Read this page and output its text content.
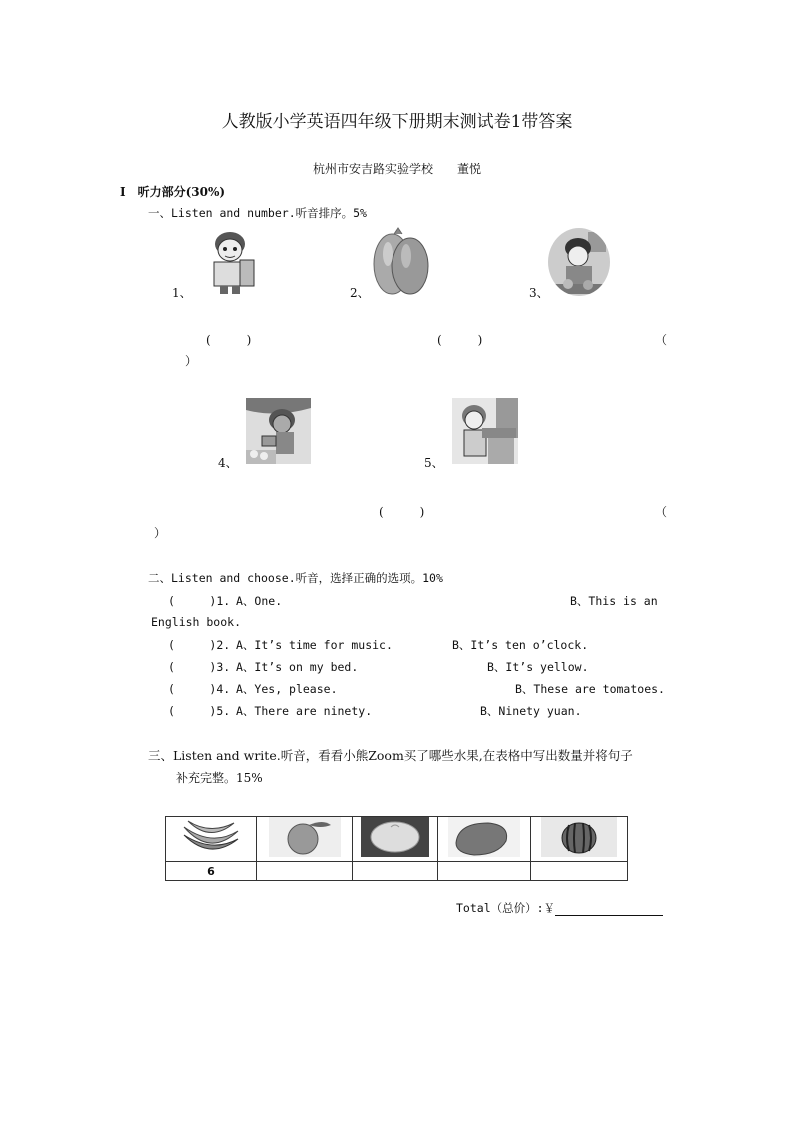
人教版小学英语四年级下册期末测试卷1带答案
杭州市安吉路实验学校　　董悦
Ⅰ　听力部分(30%)
一、Listen and number.听音排序。5%
1、	2、	3、
(　　　)	(　　　)	（
）
4、	5、
(　　　)	（
）
二、Listen and choose.听音，选择正确的选项。10%
(　　　)1. A、One.	B、This is an
English book.
(　　　)2. A、It’s time for music.	B、It’s ten o’clock.
(　　　)3. A、It’s on my bed.	B、It’s yellow.
(　　　)4. A、Yes, please.	B、These are tomatoes.
(　　　)5. A、There are ninety.	B、Ninety yuan.
三、Listen and write.听音，看看小熊Zoom买了哪些水果,在表格中写出数量并将句子
补充完整。15%

6				
Total（总价）:￥
